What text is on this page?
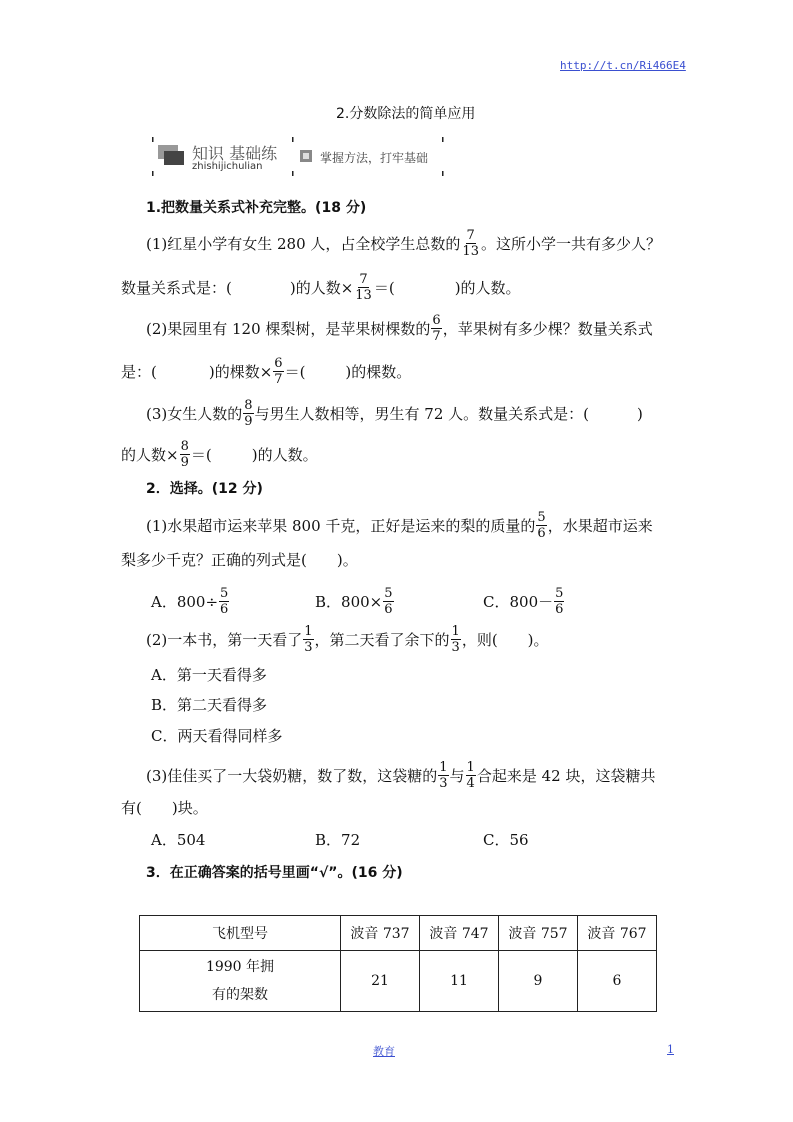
http://t.cn/Ri466E4
2.分数除法的简单应用
知识 基础练
zhishijichulian
掌握方法，打牢基础
1.把数量关系式补充完整。(18 分)
(1)红星小学有女生 280 人，占全校学生总数的 $\frac{7}{13}$ 。这所小学一共有多少人？
数量关系式是：(	)的人数× $\frac{7}{13}$ ＝(	)的人数。
(2)果园里有 120 棵梨树，是苹果树棵数的 $\frac{6}{7}$ ，苹果树有多少棵？数量关系式
是：(	)的棵数× $\frac{6}{7}$ ＝(	)的棵数。
(3)女生人数的 $\frac{8}{9}$ 与男生人数相等，男生有 72 人。数量关系式是：(	)
的人数× $\frac{8}{9}$ ＝(	)的人数。
2．选择。(12 分)
(1)水果超市运来苹果 800 千克，正好是运来的梨的质量的 $\frac{5}{6}$ ，水果超市运来
梨多少千克？正确的列式是(　　)。
A．$800\div \frac{5}{6}$	B．$800\times \frac{5}{6}$	C．$800- \frac{5}{6}$
(2)一本书，第一天看了 $\frac{1}{3}$ ，第二天看了余下的 $\frac{1}{3}$ ，则(　　)。
A．第一天看得多
B．第二天看得多
C．两天看得同样多
(3)佳佳买了一大袋奶糖，数了数，这袋糖的 $\frac{1}{3}$ 与 $\frac{1}{4}$ 合起来是 42 块，这袋糖共
有(　　)块。
A．504	B．72	C．56
3．在正确答案的括号里画“√”。(16 分)
飞机型号	波音 737	波音 747	波音 757	波音 767

1990 年拥
有的架数	21	11	9	6
教育	1
